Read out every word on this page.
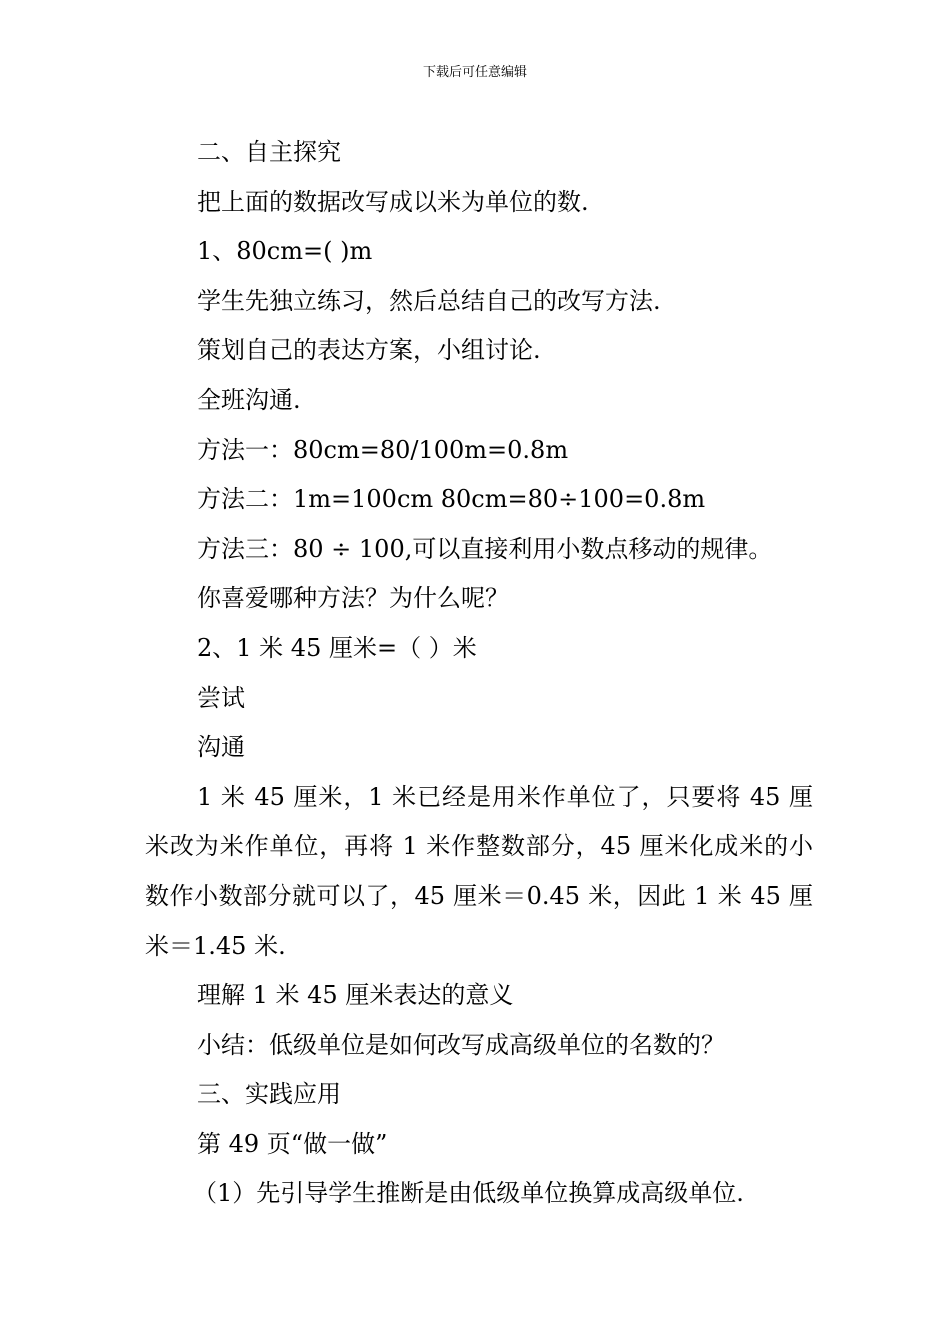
下载后可任意编辑
二、自主探究
把上面的数据改写成以米为单位的数.
1、80cm=( )m
学生先独立练习，然后总结自己的改写方法.
策划自己的表达方案，小组讨论.
全班沟通.
方法一：80cm=80/100m=0.8m
方法二：1m=100cm 80cm=80÷100=0.8m
方法三：80 ÷ 100,可以直接利用小数点移动的规律。
你喜爱哪种方法？为什么呢？
2、1 米 45 厘米=（ ）米
尝试
沟通

1 米 45 厘米，1 米已经是用米作单位了，只要将 45 厘米改为米作单位，再将 1 米作整数部分，45 厘米化成米的小数作小数部分就可以了，45 厘米＝0.45 米，因此 1 米 45 厘米＝1.45 米.

理解 1 米 45 厘米表达的意义
小结：低级单位是如何改写成高级单位的名数的？
三、实践应用
第 49 页“做一做”
（1）先引导学生推断是由低级单位换算成高级单位.
